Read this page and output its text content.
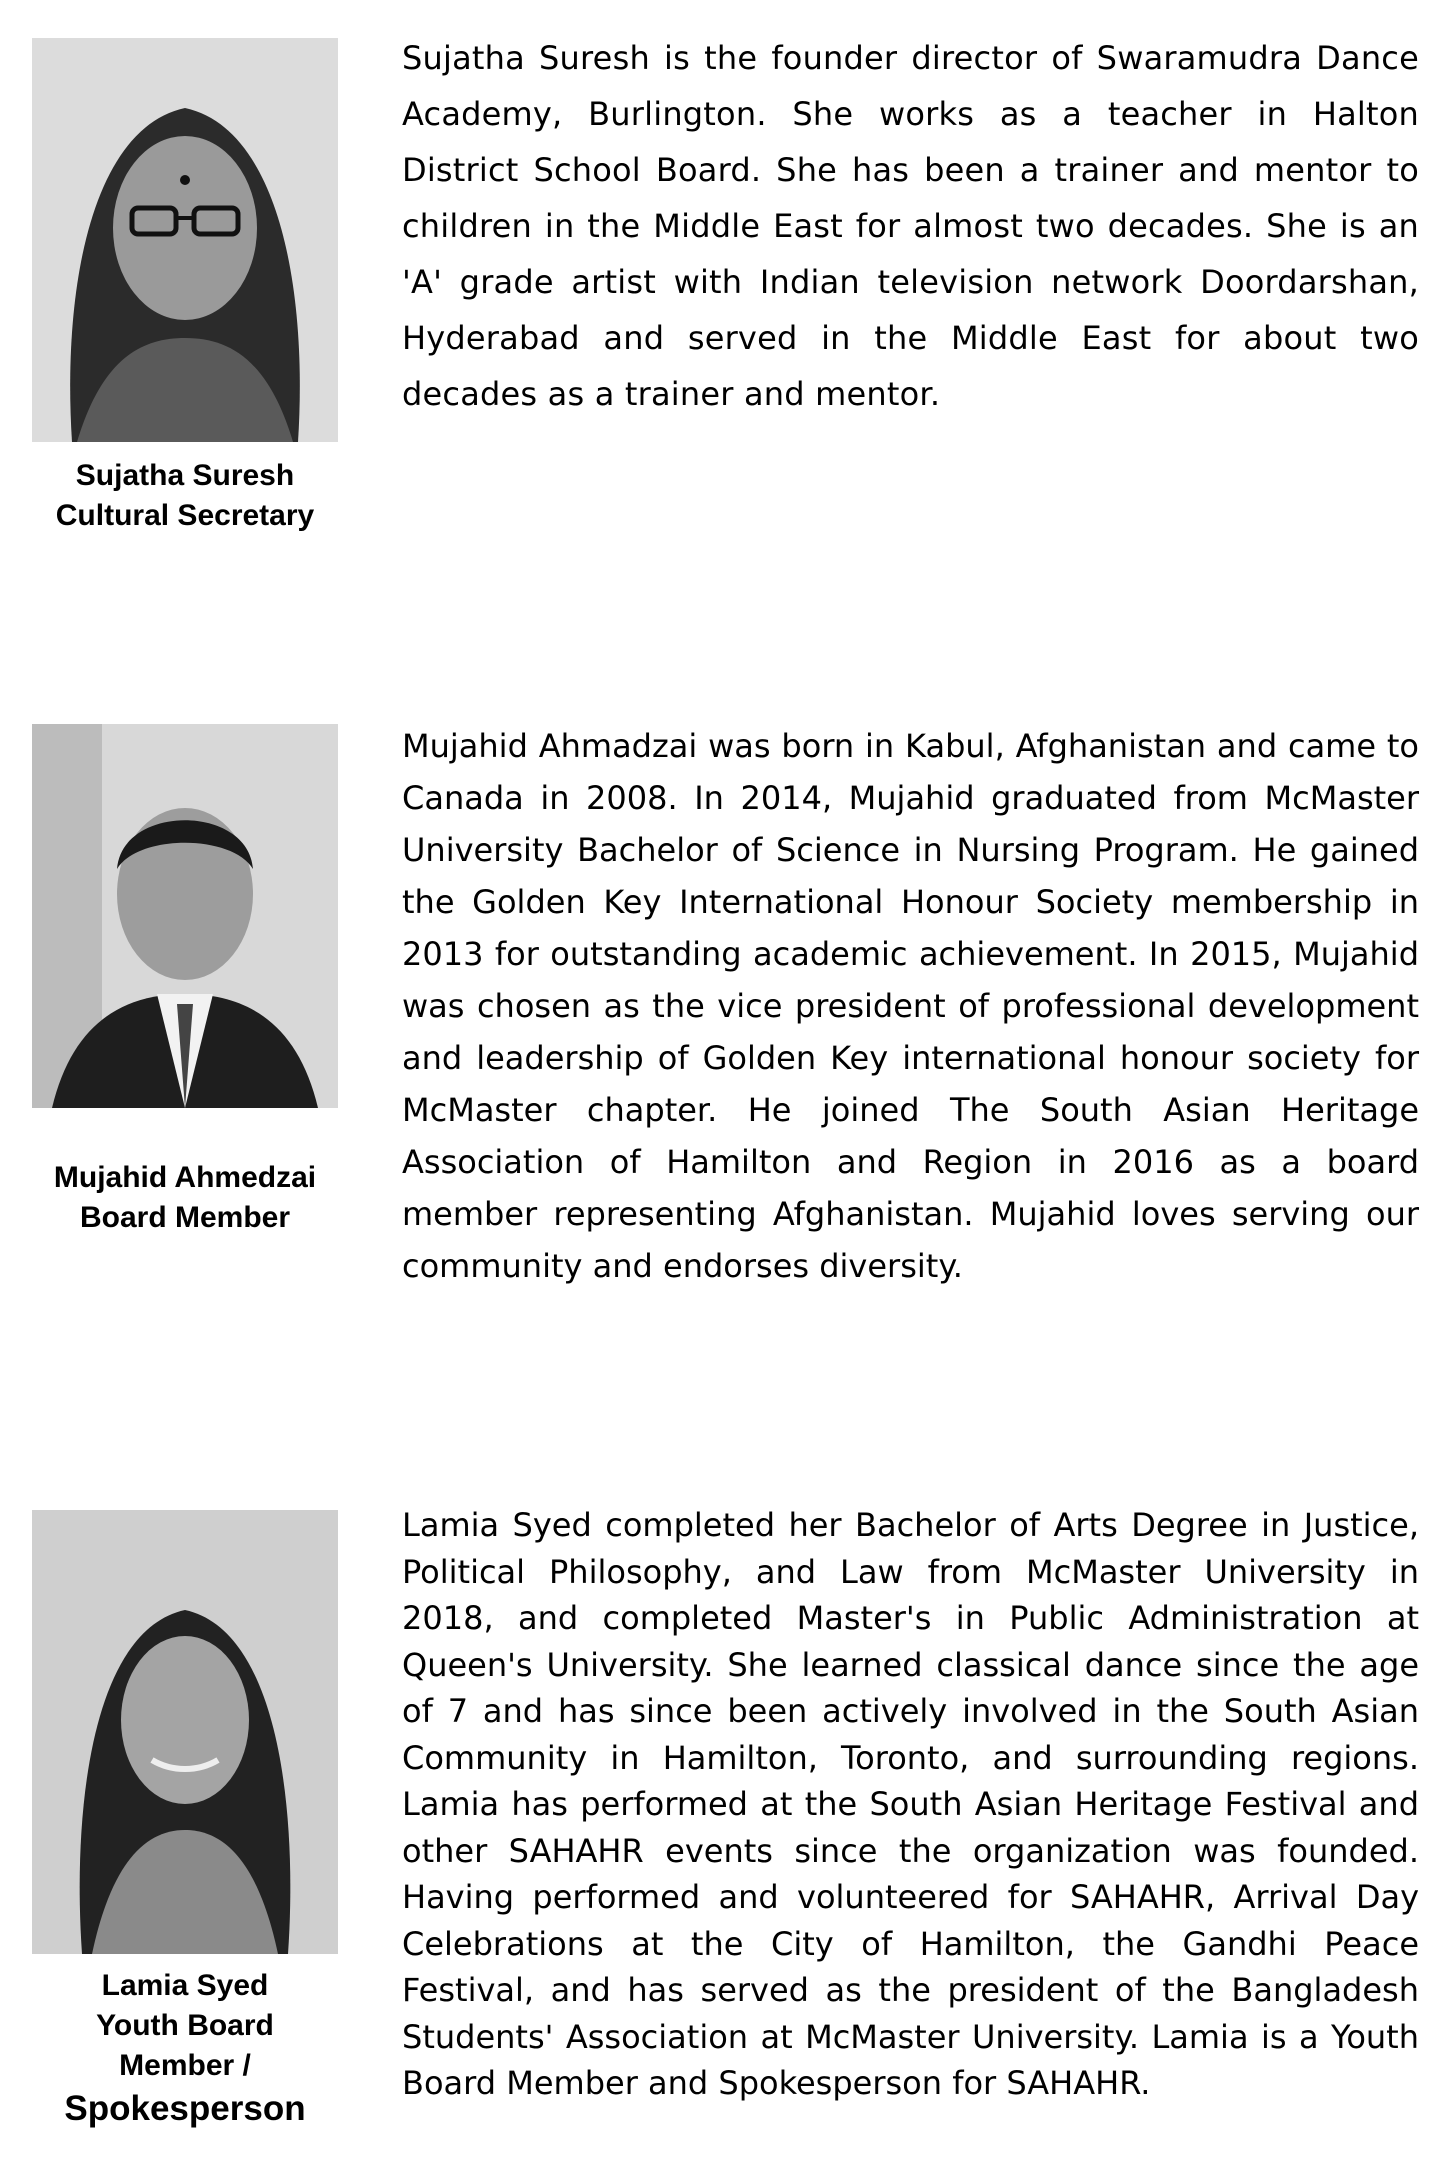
Sujatha Suresh
Cultural Secretary

Sujatha Suresh is the founder director of Swaramudra Dance Academy, Burlington. She works as a teacher in Halton District School Board. She has been a trainer and mentor to children in the Middle East for almost two decades. She is an 'A' grade artist with Indian television network Doordarshan, Hyderabad and served in the Middle East for about two decades as a trainer and mentor.

Mujahid Ahmedzai
Board Member

Mujahid Ahmadzai was born in Kabul, Afghanistan and came to Canada in 2008. In 2014, Mujahid graduated from McMaster University Bachelor of Science in Nursing Program. He gained the Golden Key International Honour Society membership in 2013 for outstanding academic achievement. In 2015, Mujahid was chosen as the vice president of professional development and leadership of Golden Key international honour society for McMaster chapter. He joined The South Asian Heritage Association of Hamilton and Region in 2016 as a board member representing Afghanistan. Mujahid loves serving our community and endorses diversity.

Lamia Syed
Youth Board
Member /
Spokesperson

Lamia Syed completed her Bachelor of Arts Degree in Justice, Political Philosophy, and Law from McMaster University in 2018, and completed Master's in Public Administration at Queen's University. She learned classical dance since the age of 7 and has since been actively involved in the South Asian Community in Hamilton, Toronto, and surrounding regions. Lamia has performed at the South Asian Heritage Festival and other SAHAHR events since the organization was founded. Having performed and volunteered for SAHAHR, Arrival Day Celebrations at the City of Hamilton, the Gandhi Peace Festival, and has served as the president of the Bangladesh Students' Association at McMaster University. Lamia is a Youth Board Member and Spokesperson for SAHAHR.
